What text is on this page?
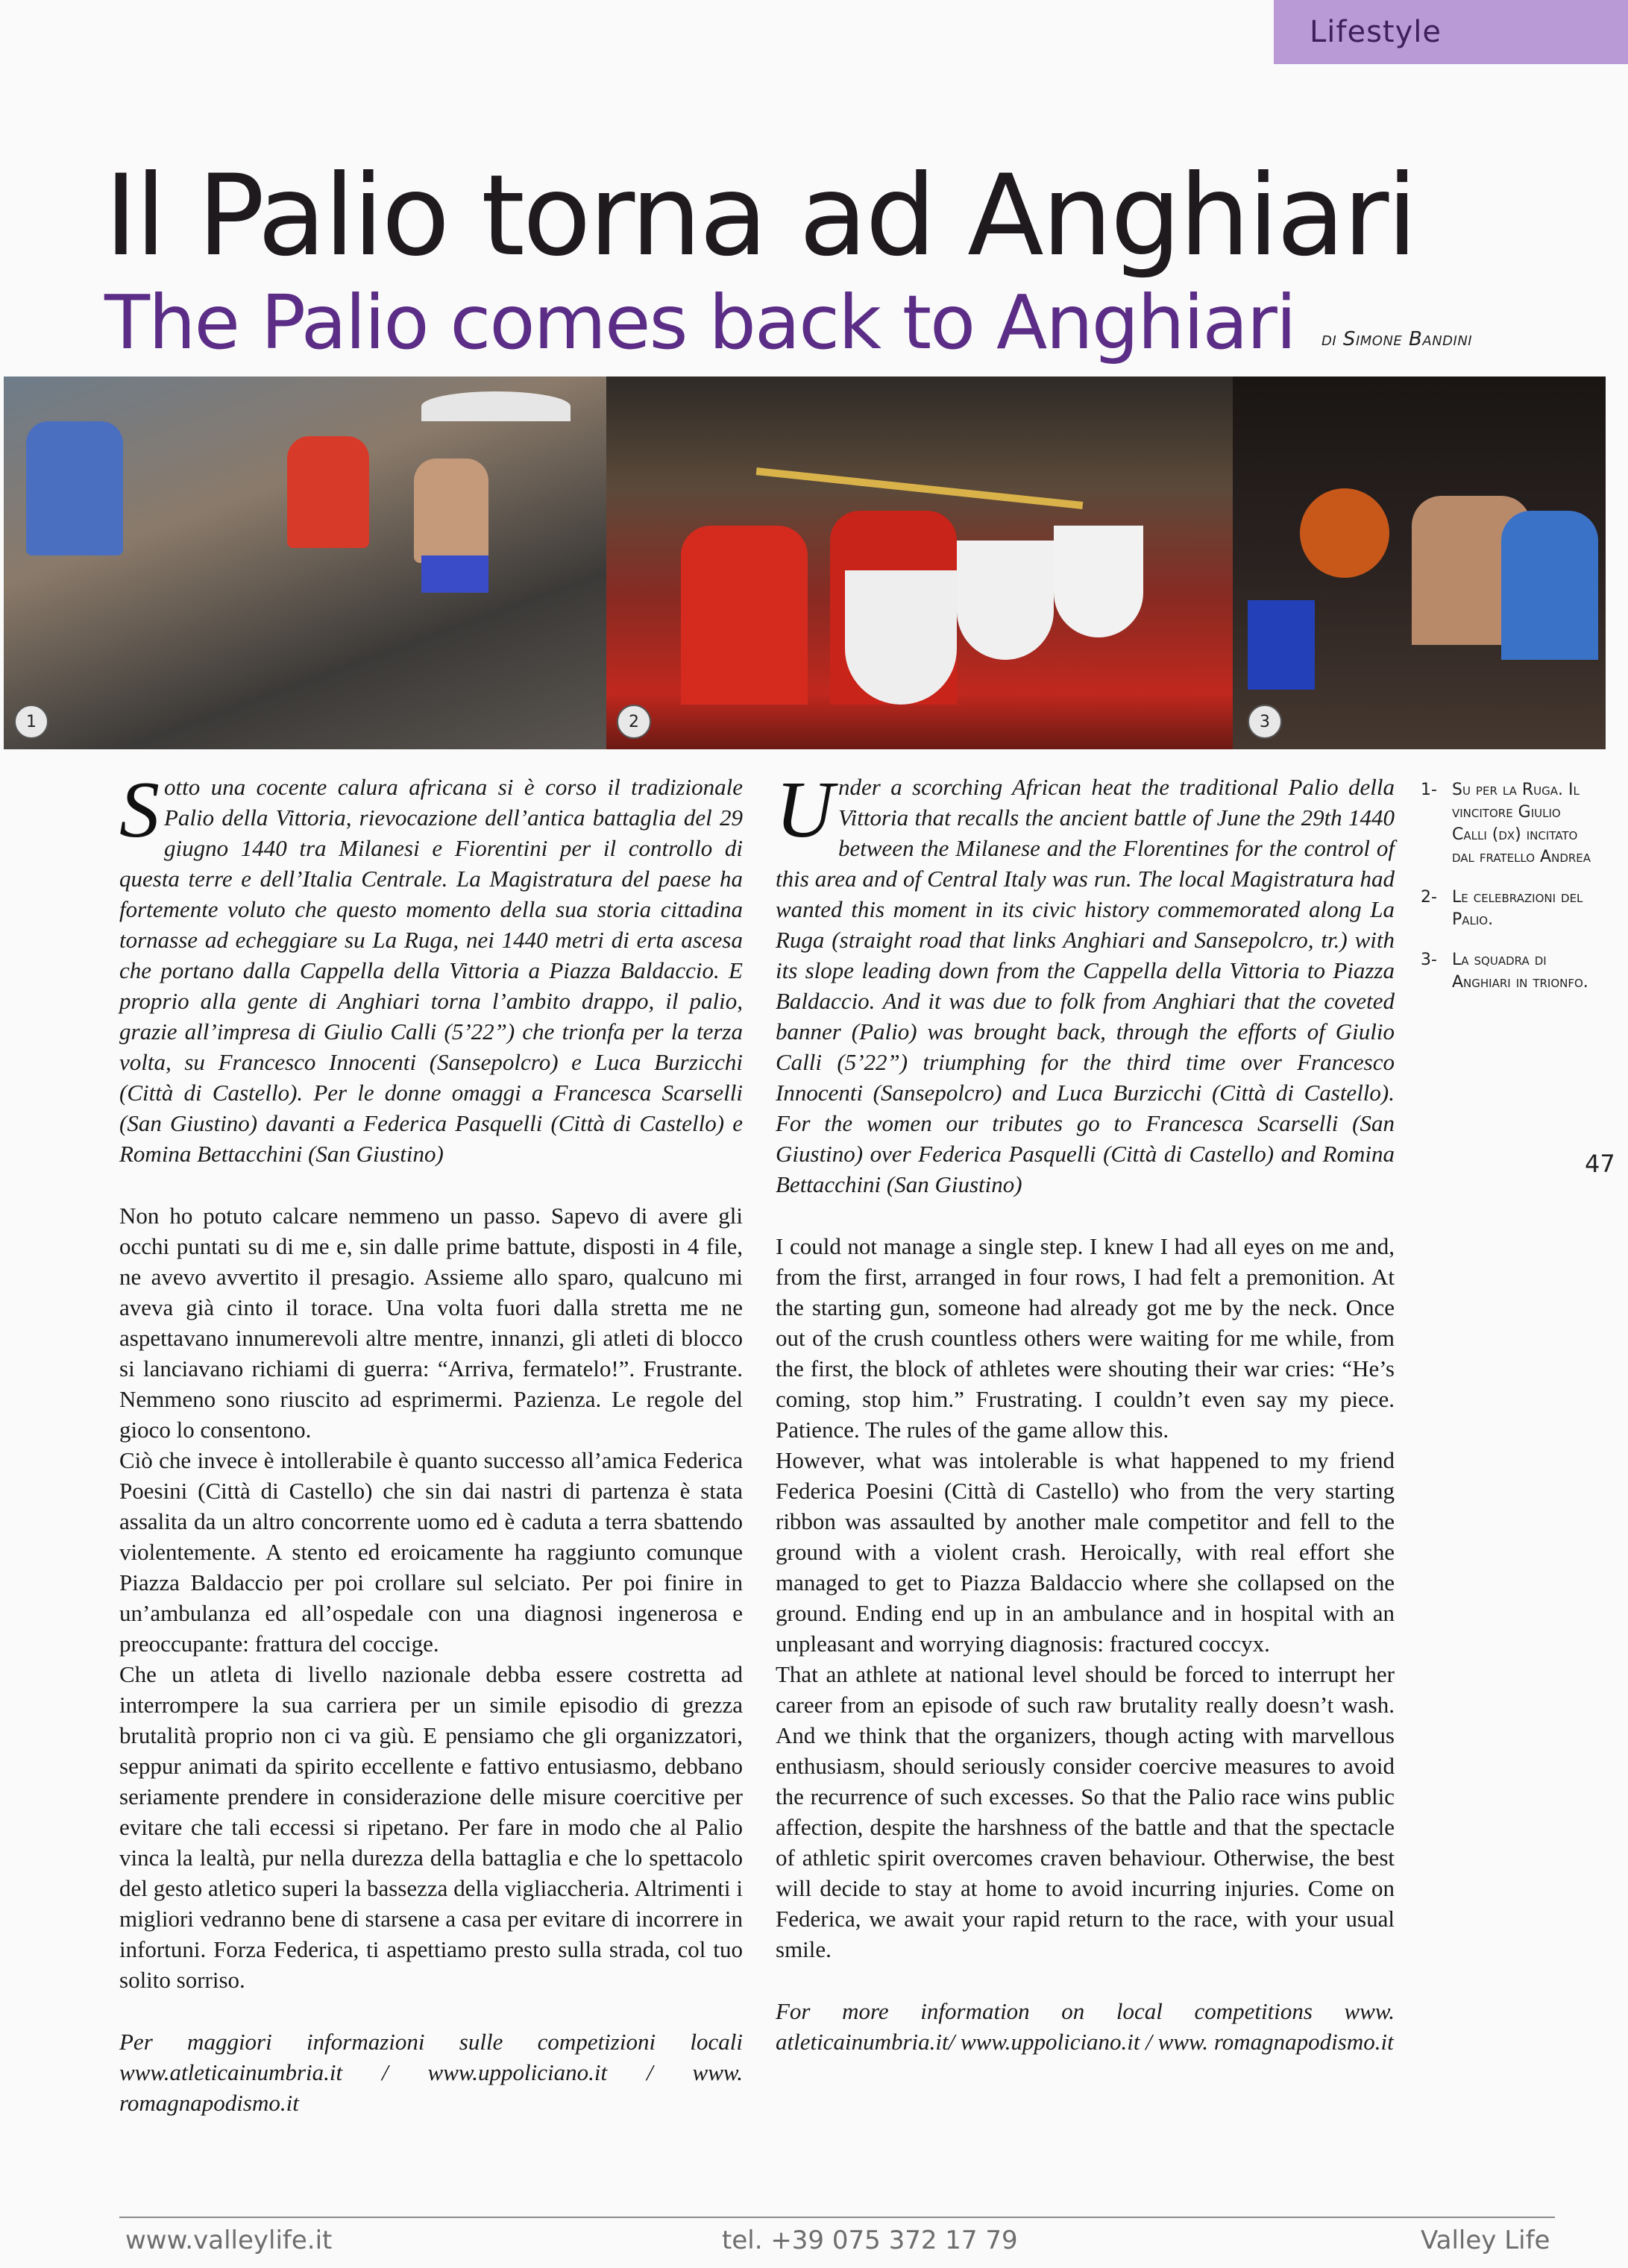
Lifestyle
Il Palio torna ad Anghiari
The Palio comes back to Anghiari di Simone Bandini
1	2	3

Sotto una cocente calura africana si è corso il tradizionale Palio della Vittoria, rievocazione dell’antica battaglia del 29 giugno 1440 tra Milanesi e Fiorentini per il controllo di questa terre e dell’Italia Centrale. La Magistratura del paese ha fortemente voluto che questo momento della sua storia cittadina tornasse ad echeggiare su La Ruga, nei 1440 metri di erta ascesa che portano dalla Cappella della Vittoria a Piazza Baldaccio. E proprio alla gente di Anghiari torna l’ambito drappo, il palio, grazie all’impresa di Giulio Calli (5’22”) che trionfa per la terza volta, su Francesco Innocenti (Sansepolcro) e Luca Burzicchi (Città di Castello). Per le donne omaggi a Francesca Scarselli (San Giustino) davanti a Federica Pasquelli (Città di Castello) e Romina Bettacchini (San Giustino)

Non ho potuto calcare nemmeno un passo. Sapevo di avere gli occhi puntati su di me e, sin dalle prime battute, disposti in 4 file, ne avevo avvertito il presagio. Assieme allo sparo, qualcuno mi aveva già cinto il torace. Una volta fuori dalla stretta me ne aspettavano innumerevoli altre mentre, innanzi, gli atleti di blocco si lanciavano richiami di guerra: “Arriva, fermatelo!”. Frustrante. Nemmeno sono riuscito ad esprimermi. Pazienza. Le regole del gioco lo consentono.

Ciò che invece è intollerabile è quanto successo all’amica Federica Poesini (Città di Castello) che sin dai nastri di partenza è stata assalita da un altro concorrente uomo ed è caduta a terra sbattendo violentemente. A stento ed eroicamente ha raggiunto comunque Piazza Baldaccio per poi crollare sul selciato. Per poi finire in un’ambulanza ed all’ospedale con una diagnosi ingenerosa e preoccupante: frattura del coccige.

Che un atleta di livello nazionale debba essere costretta ad interrompere la sua carriera per un simile episodio di grezza brutalità proprio non ci va giù. E pensiamo che gli organizzatori, seppur animati da spirito eccellente e fattivo entusiasmo, debbano seriamente prendere in considerazione delle misure coercitive per evitare che tali eccessi si ripetano. Per fare in modo che al Palio vinca la lealtà, pur nella durezza della battaglia e che lo spettacolo del gesto atletico superi la bassezza della vigliaccheria. Altrimenti i migliori vedranno bene di starsene a casa per evitare di incorrere in infortuni. Forza Federica, ti aspettiamo presto sulla strada, col tuo solito sorriso.

Per maggiori informazioni sulle competizioni locali www.atleticainumbria.it / www.uppoliciano.it / www. romagnapodismo.it

Under a scorching African heat the traditional Palio della Vittoria that recalls the ancient battle of June the 29th 1440 between the Milanese and the Florentines for the control of this area and of Central Italy was run. The local Magistratura had wanted this moment in its civic history commemorated along La Ruga (straight road that links Anghiari and Sansepolcro, tr.) with its slope leading down from the Cappella della Vittoria to Piazza Baldaccio. And it was due to folk from Anghiari that the coveted banner (Palio) was brought back, through the efforts of Giulio Calli (5’22”) triumphing for the third time over Francesco Innocenti (Sansepolcro) and Luca Burzicchi (Città di Castello). For the women our tributes go to Francesca Scarselli (San Giustino) over Federica Pasquelli (Città di Castello) and Romina Bettacchini (San Giustino)

I could not manage a single step. I knew I had all eyes on me and, from the first, arranged in four rows, I had felt a premonition. At the starting gun, someone had already got me by the neck. Once out of the crush countless others were waiting for me while, from the first, the block of athletes were shouting their war cries: “He’s coming, stop him.” Frustrating. I couldn’t even say my piece. Patience. The rules of the game allow this.

However, what was intolerable is what happened to my friend Federica Poesini (Città di Castello) who from the very starting ribbon was assaulted by another male competitor and fell to the ground with a violent crash. Heroically, with real effort she managed to get to Piazza Baldaccio where she collapsed on the ground. Ending end up in an ambulance and in hospital with an unpleasant and worrying diagnosis: fractured coccyx.

That an athlete at national level should be forced to interrupt her career from an episode of such raw brutality really doesn’t wash. And we think that the organizers, though acting with marvellous enthusiasm, should seriously consider coercive measures to avoid the recurrence of such excesses. So that the Palio race wins public affection, despite the harshness of the battle and that the spectacle of athletic spirit overcomes craven behaviour. Otherwise, the best will decide to stay at home to avoid incurring injuries. Come on Federica, we await your rapid return to the race, with your usual smile.

For more information on local competitions www. atleticainumbria.it/ www.uppoliciano.it / www. romagnapodismo.it

1- Su per la Ruga. Il vincitore Giulio Calli (dx) incitato dal fratello Andrea
2- Le celebrazioni del Palio.
3- La squadra di Anghiari in trionfo.
47
www.valleylife.it	tel. +39 075 372 17 79	Valley Life
